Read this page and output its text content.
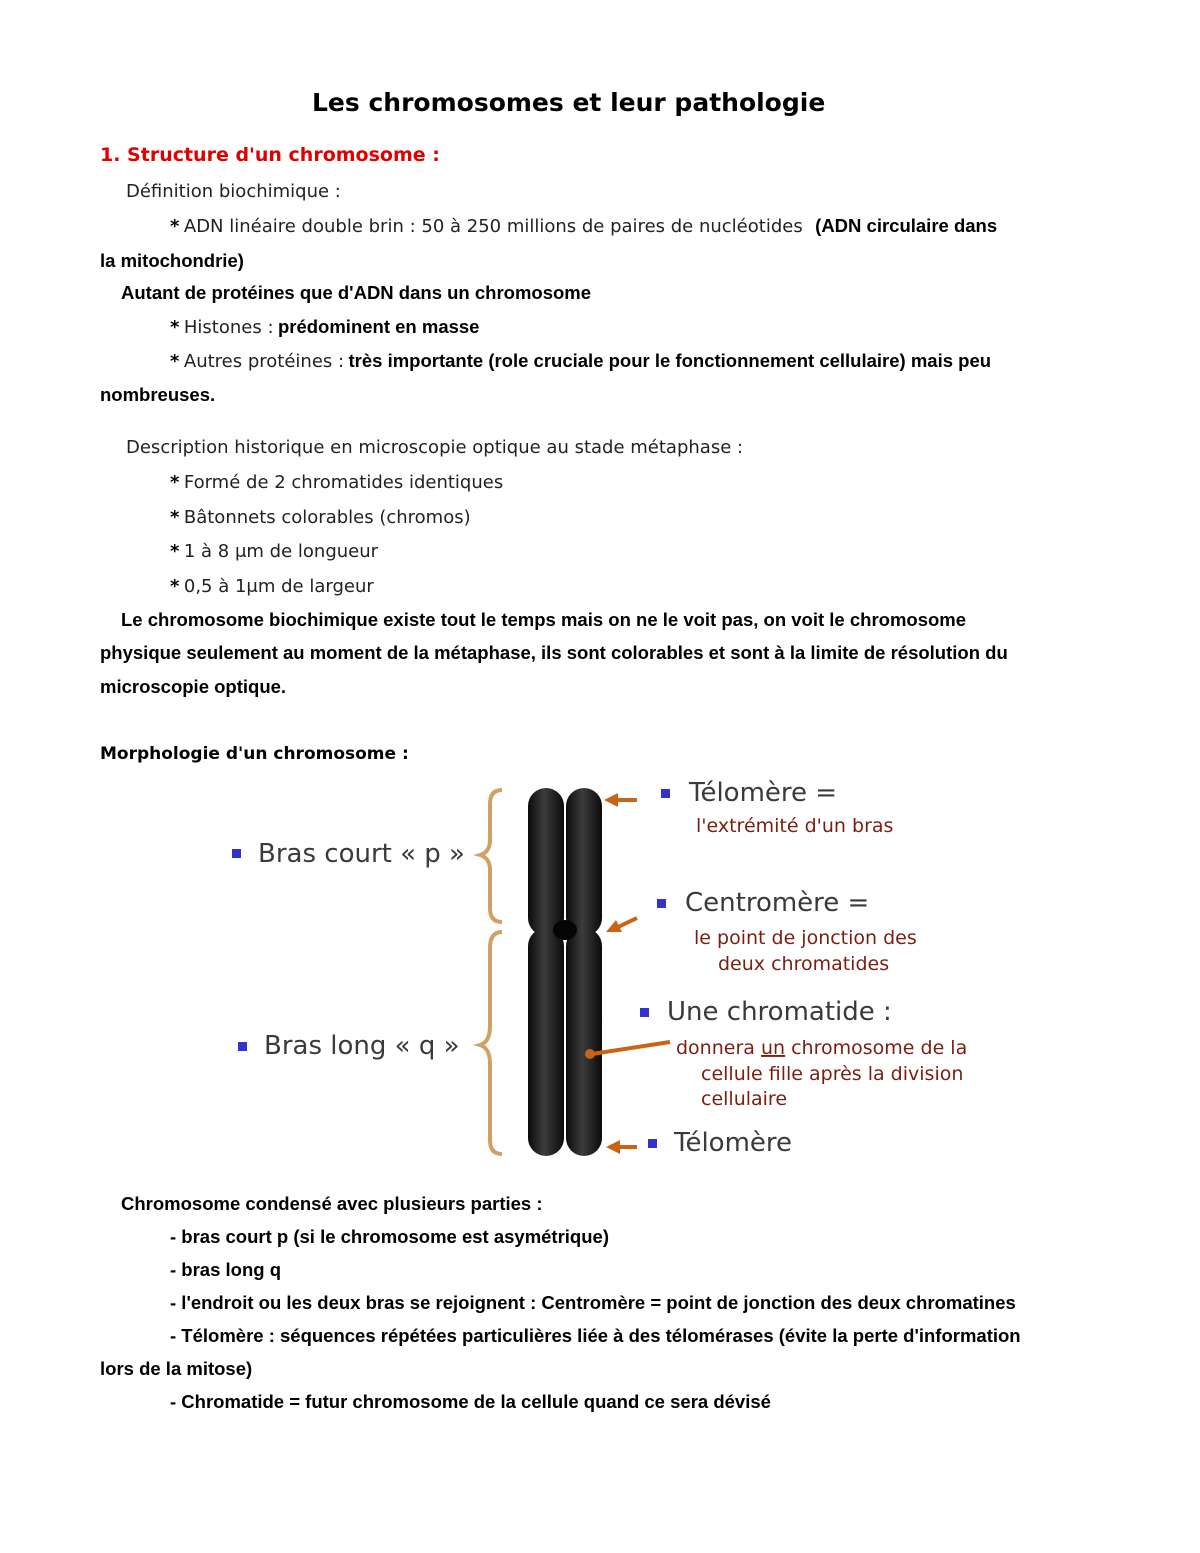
Les chromosomes et leur pathologie
1. Structure d'un chromosome :
Définition biochimique :
* ADN linéaire double brin : 50 à 250 millions de paires de nucléotides (ADN circulaire dans
la mitochondrie)
Autant de protéines que d'ADN dans un chromosome
* Histones : prédominent en masse
* Autres protéines : très importante (role cruciale pour le fonctionnement cellulaire) mais peu
nombreuses.
Description historique en microscopie optique au stade métaphase :
* Formé de 2 chromatides identiques
* Bâtonnets colorables (chromos)
* 1 à 8 μm de longueur
* 0,5 à 1μm de largeur
Le chromosome biochimique existe tout le temps mais on ne le voit pas, on voit le chromosome
physique seulement au moment de la métaphase, ils sont colorables et sont à la limite de résolution du
microscopie optique.
Morphologie d'un chromosome :
Bras court « p »
Bras long « q »
Télomère =
l'extrémité d'un bras
Centromère =
le point de jonction des
deux chromatides
Une chromatide :
donnera un chromosome de la
cellule fille après la division
cellulaire
Télomère
Chromosome condensé avec plusieurs parties :
- bras court p (si le chromosome est asymétrique)
- bras long q
- l'endroit ou les deux bras se rejoignent : Centromère = point de jonction des deux chromatines
- Télomère : séquences répétées particulières liée à des télomérases (évite la perte d'information
lors de la mitose)
- Chromatide = futur chromosome de la cellule quand ce sera dévisé
